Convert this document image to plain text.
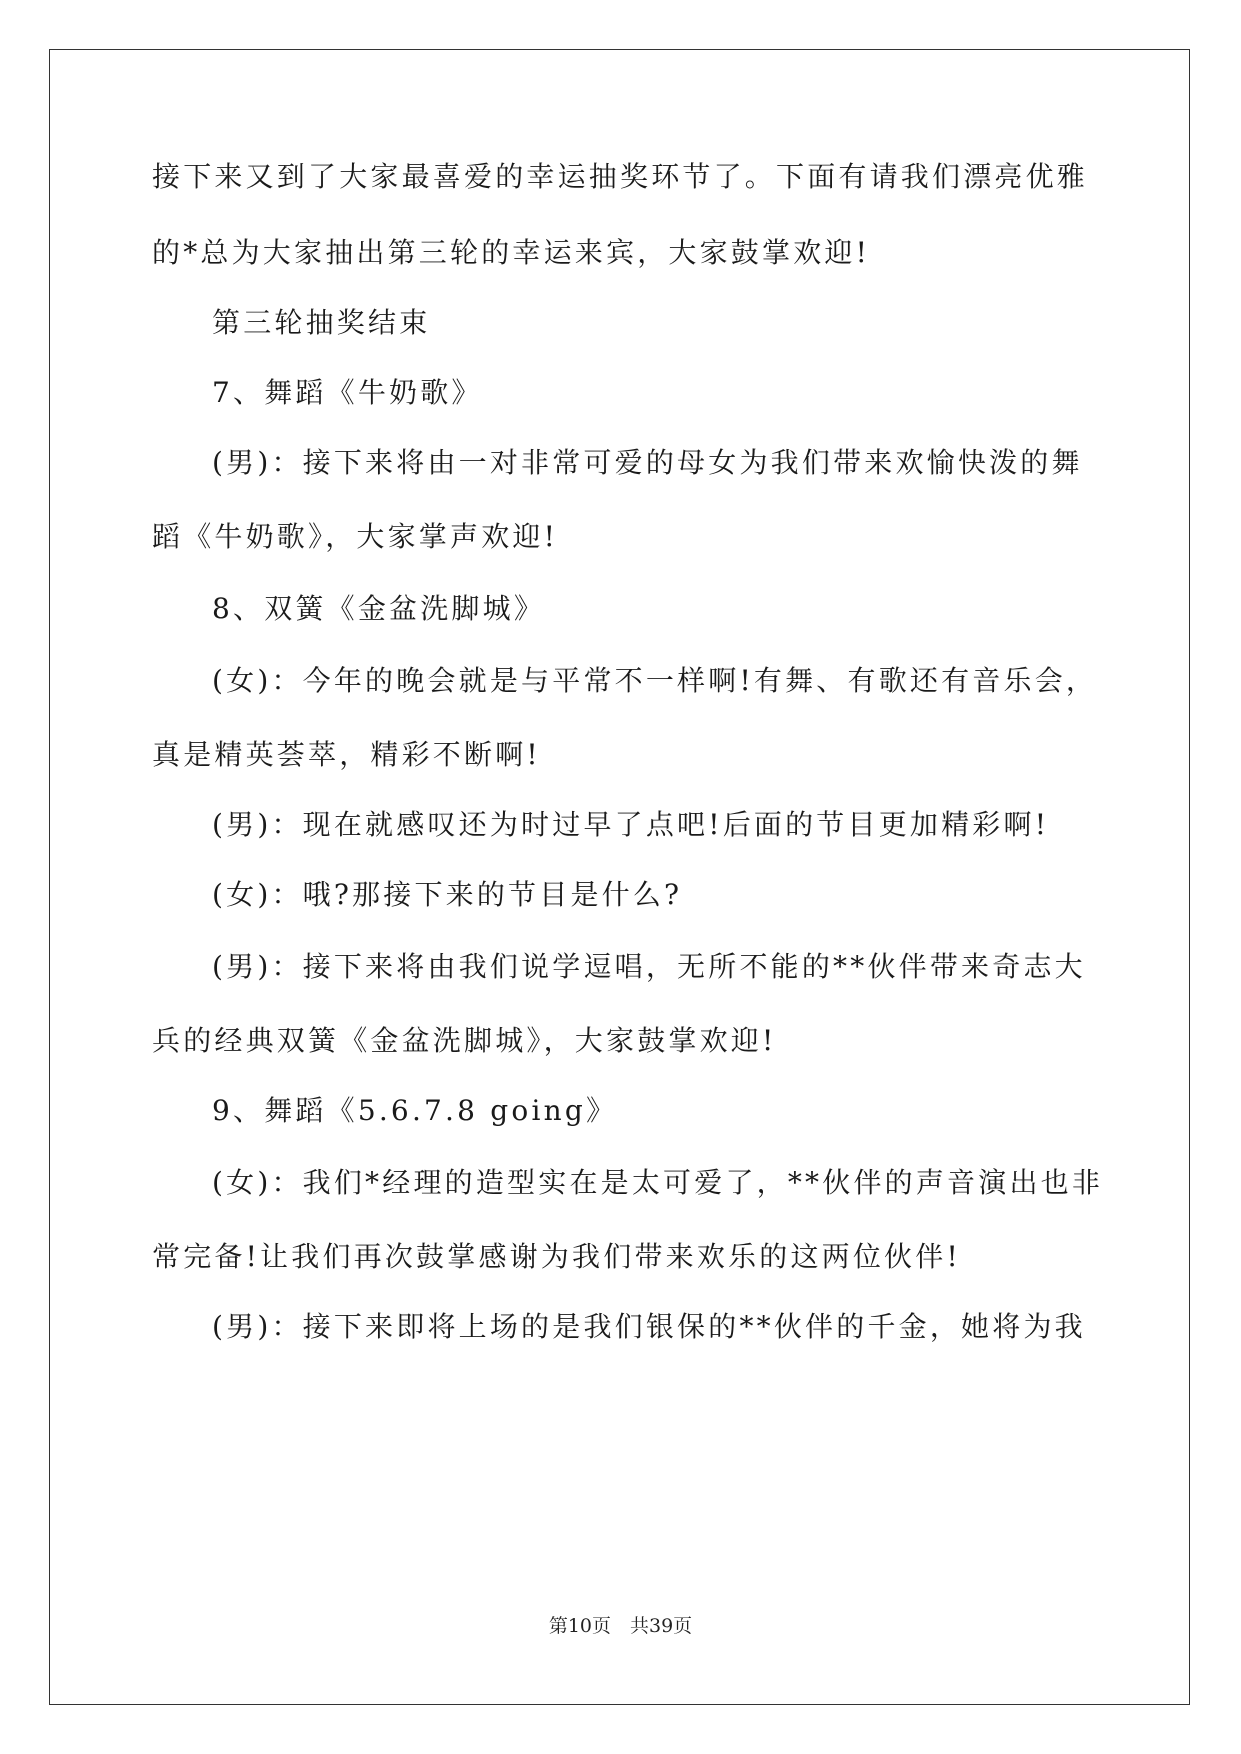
接下来又到了大家最喜爱的幸运抽奖环节了。下面有请我们漂亮优雅
的*总为大家抽出第三轮的幸运来宾，大家鼓掌欢迎!
第三轮抽奖结束
7、舞蹈《牛奶歌》
(男)：接下来将由一对非常可爱的母女为我们带来欢愉快泼的舞
蹈《牛奶歌》，大家掌声欢迎!
8、双簧《金盆洗脚城》
(女)：今年的晚会就是与平常不一样啊!有舞、有歌还有音乐会，
真是精英荟萃，精彩不断啊!
(男)：现在就感叹还为时过早了点吧!后面的节目更加精彩啊!
(女)：哦?那接下来的节目是什么?
(男)：接下来将由我们说学逗唱，无所不能的**伙伴带来奇志大
兵的经典双簧《金盆洗脚城》，大家鼓掌欢迎!
9、舞蹈《5.6.7.8 going》
(女)：我们*经理的造型实在是太可爱了，**伙伴的声音演出也非
常完备!让我们再次鼓掌感谢为我们带来欢乐的这两位伙伴!
(男)：接下来即将上场的是我们银保的**伙伴的千金，她将为我
第10页　共39页
